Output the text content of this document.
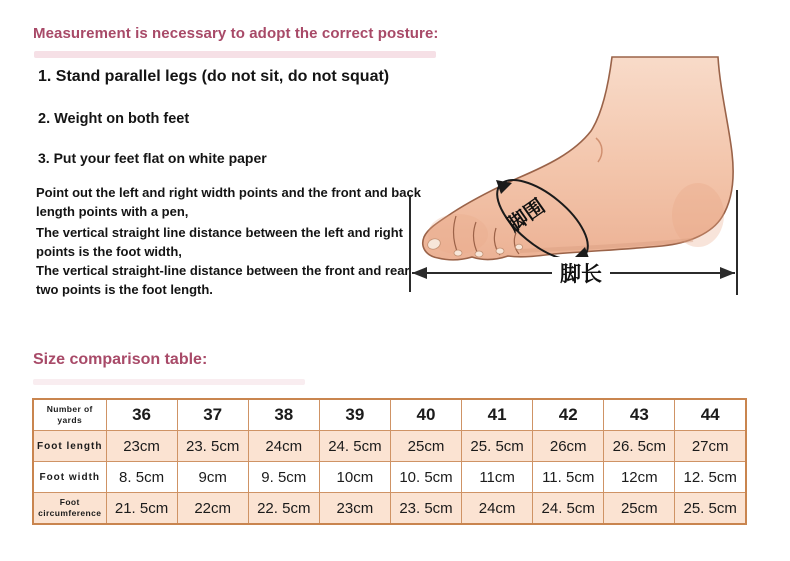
Measurement is necessary to adopt the correct posture:
1. Stand parallel legs (do not sit, do not squat)
2. Weight on both feet
3. Put your feet flat on white paper
Point out the left and right width points and the front and back length points with a pen,
The vertical straight line distance between the left and right points is the foot width,
The vertical straight-line distance between the front and rear two points is the foot length.
脚围
脚长
Size comparison table:
Number of yards	36	37	38	39	40	41	42	43	44
Foot length	23cm	23. 5cm	24cm	24. 5cm	25cm	25. 5cm	26cm	26. 5cm	27cm
Foot width	8. 5cm	9cm	9. 5cm	10cm	10. 5cm	11cm	11. 5cm	12cm	12. 5cm
Foot circumference	21. 5cm	22cm	22. 5cm	23cm	23. 5cm	24cm	24. 5cm	25cm	25. 5cm
